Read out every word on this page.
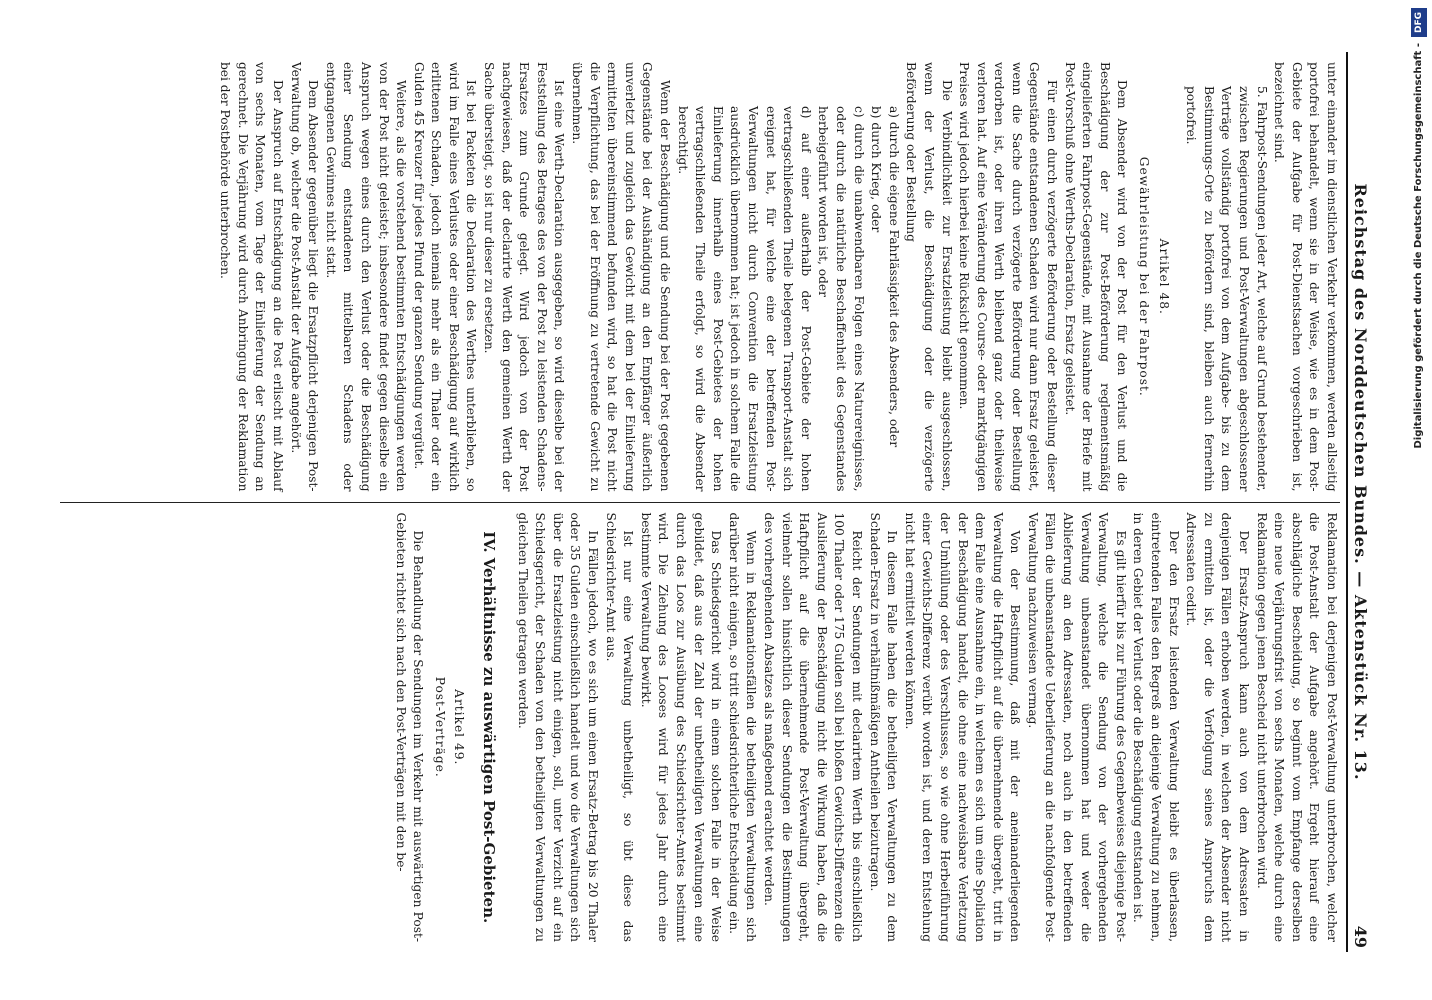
Reichstag des Norddeutschen Bundes. — Aktenstück Nr. 13.
49

unter einander im dienstlichen Verkehr verkommen, werden allseitig portofrei behandelt, wenn sie in der Weise, wie es in dem Post-Gebiete der Aufgabe für Post-Dienstsachen vorgeschrieben ist, bezeichnet sind.

5. Fahrpost-Sendungen jeder Art, welche auf Grund bestehender, zwischen Regierungen und Post-Verwaltungen abgeschlossener Verträge vollständig portofrei von dem Aufgabe- bis zu dem Bestimmungs-Orte zu befördern sind, bleiben auch fernerhin portofrei.

Artikel 48.

Gewährleistung bei der Fahrpost.

Dem Absender wird von der Post für den Verlust und die Beschädigung der zur Post-Beförderung reglementsmäßig eingelieferten Fahrpost-Gegenstände, mit Ausnahme der Briefe mit Post-Vorschuß ohne Werths-Declaration, Ersatz geleistet.

Für einen durch verzögerte Beförderung oder Bestellung dieser Gegenstände entstandenen Schaden wird nur dann Ersatz geleistet, wenn die Sache durch verzögerte Beförderung oder Bestellung verdorben ist, oder ihren Werth bleibend ganz oder theilweise verloren hat. Auf eine Veränderung des Course- oder marktgängigen Preises wird jedoch hierbei keine Rücksicht genommen.

Die Verbindlichkeit zur Ersatzleistung bleibt ausgeschlossen, wenn der Verlust, die Beschädigung oder die verzögerte Beförderung oder Bestellung

a) durch die eigene Fahrlässigkeit des Absenders, oder

b) durch Krieg, oder

c) durch die unabwendbaren Folgen eines Naturereignisses, oder durch die natürliche Beschaffenheit des Gegenstandes herbeigeführt worden ist, oder

d) auf einer außerhalb der Post-Gebiete der hohen vertragschließenden Theile belegenen Transport-Anstalt sich ereignet hat, für welche eine der betreffenden Post-Verwaltungen nicht durch Convention die Ersatzleistung ausdrücklich übernommen hat; ist jedoch in solchem Falle die Einlieferung innerhalb eines Post-Gebietes der hohen vertragschließenden Theile erfolgt, so wird die Absender berechtigt.

Wenn der Beschädigung und die Sendung bei der Post gegebenen Gegenstände bei der Aushändigung an den Empfänger äußerlich unverletzt und zugleich das Gewicht mit dem bei der Einlieferung ermittelten übereinstimmend befunden wird, so hat die Post nicht die Verpflichtung, das bei der Eröffnung zu vertretende Gewicht zu übernehmen.

Ist eine Werth-Declaration ausgegeben, so wird dieselbe bei der Feststellung des Betrages des von der Post zu leistenden Schadens-Ersatzes zum Grunde gelegt. Wird jedoch von der Post nachgewiesen, daß der declarirte Werth den gemeinen Werth der Sache übersteigt, so ist nur dieser zu ersetzen.

Ist bei Packeten die Declaration des Werthes unterblieben, so wird im Falle eines Verlustes oder einer Beschädigung auf wirklich erlittenen Schaden, jedoch niemals mehr als ein Thaler oder ein Gulden 45 Kreuzer für jedes Pfund der ganzen Sendung vergütet.

Weitere, als die vorstehend bestimmten Entschädigungen werden von der Post nicht geleistet; insbesondere findet gegen dieselbe ein Anspruch wegen eines durch den Verlust oder die Beschädigung einer Sendung entstandenen mittelbaren Schadens oder entgangenen Gewinnes nicht statt.

Dem Absender gegenüber liegt die Ersatzpflicht derjenigen Post-Verwaltung ob, welcher die Post-Anstalt der Aufgabe angehört.

Der Anspruch auf Entschädigung an die Post erlischt mit Ablauf von sechs Monaten, vom Tage der Einlieferung der Sendung an gerechnet. Die Verjährung wird durch Anbringung der Reklamation bei der Postbehörde unterbrochen.

Reklamation bei derjenigen Post-Verwaltung unterbrochen, welcher die Post-Anstalt der Aufgabe angehört. Ergeht hierauf eine abschlägliche Bescheidung, so beginnt vom Empfange derselben eine neue Verjährungsfrist von sechs Monaten, welche durch eine Reklamation gegen jenen Bescheid nicht unterbrochen wird.

Der Ersatz-Anspruch kann auch von dem Adressaten in denjenigen Fällen erhoben werden, in welchen der Absender nicht zu ermitteln ist, oder die Verfolgung seines Anspruchs dem Adressaten cedirt.

Der den Ersatz leistenden Verwaltung bleibt es überlassen, eintretenden Falles den Regreß an diejenige Verwaltung zu nehmen, in deren Gebiet der Verlust oder die Beschädigung entstanden ist.

Es gilt hierfür bis zur Führung des Gegenbeweises diejenige Post-Verwaltung, welche die Sendung von der vorhergehenden Verwaltung unbeanstandet übernommen hat und weder die Ablieferung an den Adressaten, noch auch in den betreffenden Fällen die unbeanstandete Ueberlieferung an die nachfolgende Post-Verwaltung nachzuweisen vermag.

Von der Bestimmung, daß mit der aneinanderliegenden Verwaltung die Haftpflicht auf die übernehmende übergeht, tritt in dem Falle eine Ausnahme ein, in welchem es sich um eine Spoliation der Beschädigung handelt, die ohne eine nachweisbare Verletzung der Umhüllung oder des Verschlusses, so wie ohne Herbeiführung einer Gewichts-Differenz verübt worden ist, und deren Entstehung nicht hat ermittelt werden können.

In diesem Falle haben die betheiligten Verwaltungen zu dem Schaden-Ersatz in verhältnißmäßigen Antheilen beizutragen.

Reicht der Sendungen mit declarirtem Werth bis einschließlich 100 Thaler oder 175 Gulden soll bei bloßen Gewichts-Differenzen die Auslieferung der Beschädigung nicht die Wirkung haben, daß die Haftpflicht auf die übernehmende Post-Verwaltung übergeht, vielmehr sollen hinsichtlich dieser Sendungen die Bestimmungen des vorhergehenden Absatzes als maßgebend erachtet werden.

Wenn in Reklamationsfällen die betheiligten Verwaltungen sich darüber nicht einigen, so tritt schiedsrichterliche Entscheidung ein.

Das Schiedsgericht wird in einem solchen Falle in der Weise gebildet, daß aus der Zahl der unbetheiligten Verwaltungen eine durch das Loos zur Ausübung des Schiedsrichter-Amtes bestimmt wird. Die Ziehung des Looses wird für jedes Jahr durch eine bestimmte Verwaltung bewirkt.

Ist nur eine Verwaltung unbetheiligt, so übt diese das Schiedsrichter-Amt aus.

In Fällen jedoch, wo es sich um einen Ersatz-Betrag bis 20 Thaler oder 35 Gulden einschließlich handelt und wo die Verwaltungen sich über die Ersatzleistung nicht einigen, soll, unter Verzicht auf ein Schiedsgericht, der Schaden von den betheiligten Verwaltungen zu gleichen Theilen getragen werden.

IV. Verhältnisse zu auswärtigen Post-Gebieten.

Artikel 49.

Post-Verträge.

Die Behandlung der Sendungen im Verkehr mit auswärtigen Post-Gebieten richtet sich nach den Post-Verträgen mit den be-

Digitalisierung gefördert durch die Deutsche Forschungsgemeinschaft -
DFG
